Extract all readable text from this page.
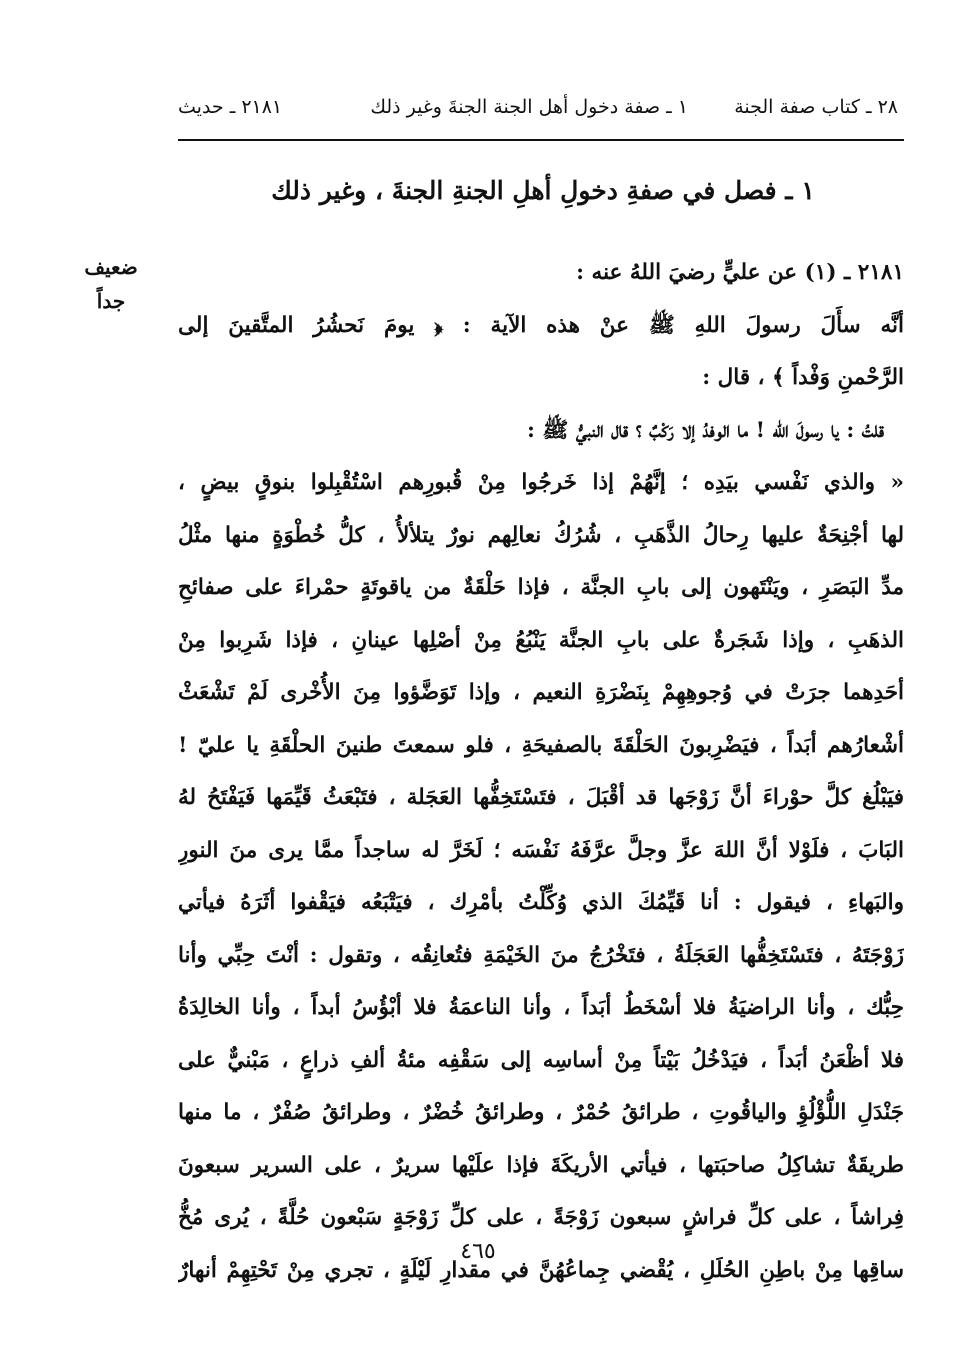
٢٨ ـ كتاب صفة الجنة
١ ـ صفة دخول أهل الجنة الجنةَ وغير ذلك
٢١٨١ ـ حديث
١ ـ فصل في صفةِ دخولِ أهلِ الجنةِ الجنةَ ، وغير ذلك
ضعيف
جداً
٢١٨١ ـ (١) عن عليٍّ رضيَ اللهُ عنه :
أنَّه سأَلَ رسولَ اللهِ ﷺ عنْ هذه الآية : ﴿ يومَ نَحشُرُ المتَّقينَ إلى
الرَّحْمنِ وَفْداً ﴾ ، قال :
قلتُ : يا رسولَ الله ! ما الوفدُ إلا رَكْبٌ ؟ قال النبيُّ ﷺ :
« والذي نَفْسي بيَدِه ؛ إنَّهُمْ إذا خَرجُوا مِنْ قُبورِهم اسْتُقْبِلوا بنوقٍ بيضٍ ،
لها أجْنِحَةٌ عليها رِحالُ الذَّهَبِ ، شُرُكُ نعالِهم نورٌ يتلألأُ ، كلُّ خُطْوَةٍ منها مثْلُ
مدِّ البَصَرِ ، ويَنْتَهون إلى بابِ الجنَّة ، فإذا حَلْقَةٌ من ياقوتَةٍ حمْراءَ على صفائحِ
الذهَبِ ، وإذا شَجَرةٌ على بابِ الجنَّة يَنْبُعُ مِنْ أصْلِها عينانِ ، فإذا شَرِبوا مِنْ
أحَدِهما جرَتْ في وُجوهِهِمْ بِنَضْرَةِ النعيم ، وإذا تَوَضَّؤوا مِنَ الأُخْرى لَمْ تَشْعَثْ
أشْعارُهم أبَداً ، فيَضْرِبونَ الحَلْقَةَ بالصفيحَةِ ، فلو سمعتَ طنينَ الحلْقَةِ يا عليّ !
فيَبْلُغ كلَّ حوْراءَ أنَّ زَوْجَها قد أقْبَلَ ، فتَسْتَخِفُّها العَجَلة ، فتَبْعَثُ قَيِّمَها فَيَفْتَحُ لهُ
البَابَ ، فلَوْلا أنَّ اللهَ عزَّ وجلَّ عرَّفَهُ نَفْسَه ؛ لَخَرَّ له ساجداً ممَّا يرى منَ النورِ
والبَهاءِ ، فيقول : أنا قَيِّمُكَ الذي وُكِّلْتُ بأمْرِك ، فيَتْبَعُه فيَقْفوا أثَرَهُ فيأتي
زَوْجَتَهُ ، فتَسْتَخِفُّها العَجَلَةُ ، فتَخْرُجُ منَ الخَيْمَةِ فتُعانِقُه ، وتقول : أنْتَ حِبِّي وأنا
حِبُّك ، وأنا الراضيَةُ فلا أسْخَطُ أبَداً ، وأنا الناعمَةُ فلا أبْؤُسُ أبداً ، وأنا الخالِدَةُ
فلا أظْعَنُ أبَداً ، فيَدْخُلُ بَيْتاً مِنْ أساسِه إلى سَقْفِه مئةُ ألفِ ذراعٍ ، مَبْنيٌّ على
جَنْدَلِ اللُّؤْلُؤِ والياقُوتِ ، طرائقُ حُمْرٌ ، وطرائقُ خُضْرٌ ، وطرائقُ صُفْرٌ ، ما منها
طريقَةٌ تشاكِلُ صاحبَتها ، فيأتي الأريكَةَ فإذا علَيْها سريرٌ ، على السرير سبعونَ
فِراشاً ، على كلِّ فراشٍ سبعون زَوْجَةً ، على كلِّ زَوْجَةٍ سَبْعون حُلَّةً ، يُرى مُخُّ
ساقِها مِنْ باطِنِ الحُلَلِ ، يُقْضي جِماعُهُنَّ في مقدارِ لَيْلَةٍ ، تجري مِنْ تَحْتِهِمْ أنهارٌ
٤٦٥
